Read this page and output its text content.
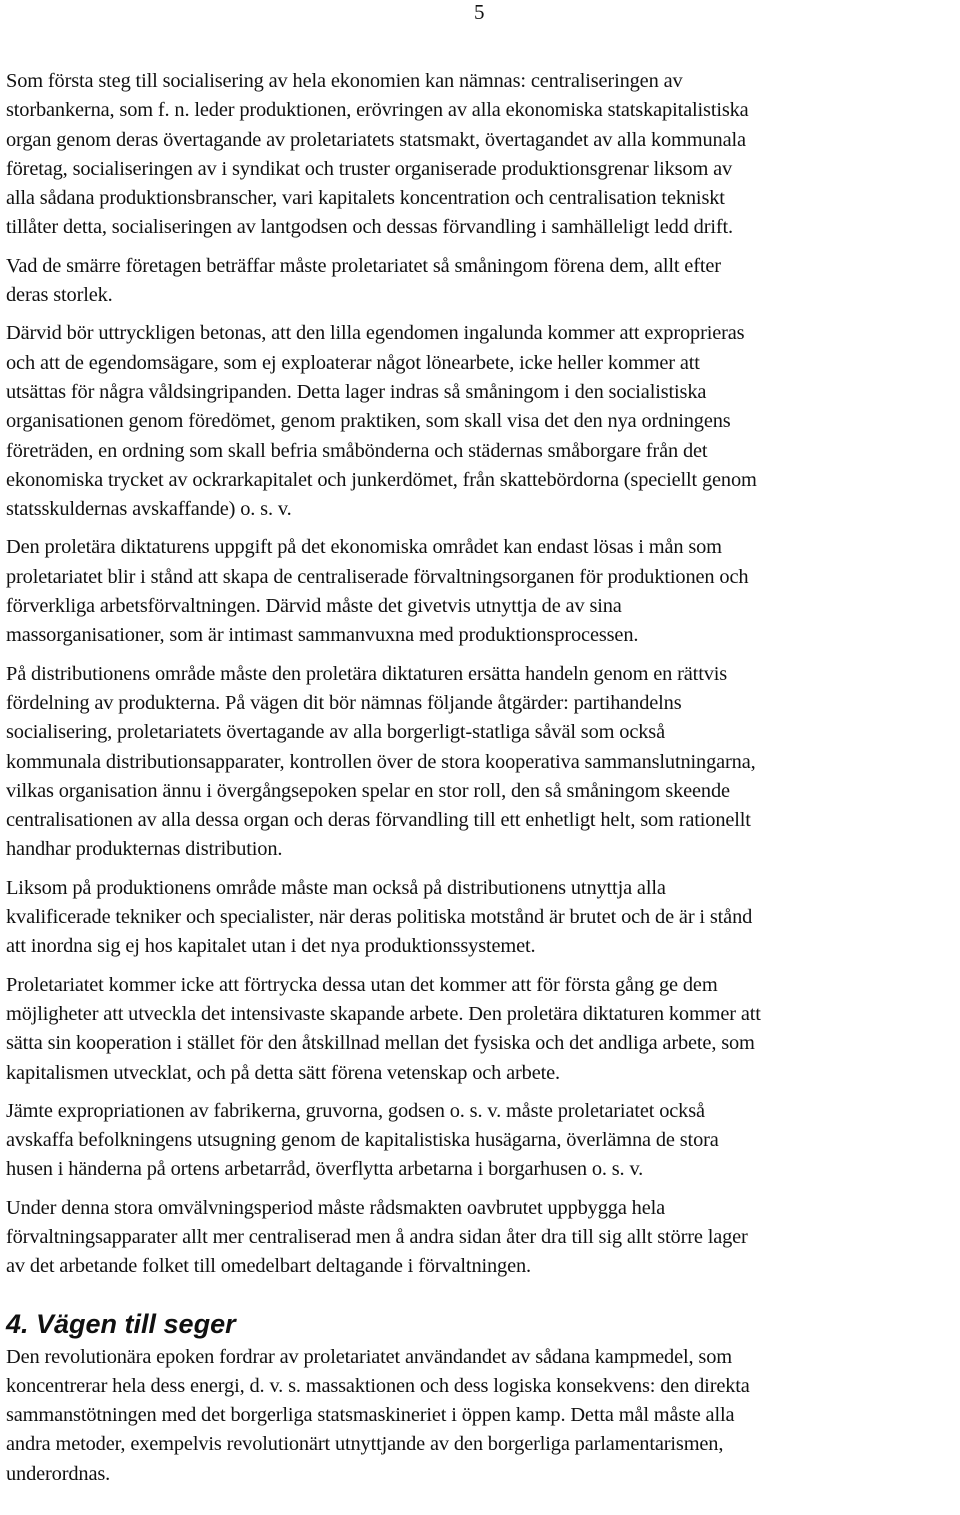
5

Som första steg till socialisering av hela ekonomien kan nämnas: centraliseringen av
storbankerna, som f. n. leder produktionen, erövringen av alla ekonomiska statskapitalistiska
organ genom deras övertagande av proletariatets statsmakt, övertagandet av alla kommunala
företag, socialiseringen av i syndikat och truster organiserade produktionsgrenar liksom av
alla sådana produktionsbranscher, vari kapitalets koncentration och centralisation tekniskt
tillåter detta, socialiseringen av lantgodsen och dessas förvandling i samhälleligt ledd drift.

Vad de smärre företagen beträffar måste proletariatet så småningom förena dem, allt efter
deras storlek.

Därvid bör uttryckligen betonas, att den lilla egendomen ingalunda kommer att exproprieras
och att de egendomsägare, som ej exploaterar något lönearbete, icke heller kommer att
utsättas för några våldsingripanden. Detta lager indras så småningom i den socialistiska
organisationen genom föredömet, genom praktiken, som skall visa det den nya ordningens
företräden, en ordning som skall befria småbönderna och städernas småborgare från det
ekonomiska trycket av ockrarkapitalet och junkerdömet, från skattebördorna (speciellt genom
statsskuldernas avskaffande) o. s. v.

Den proletära diktaturens uppgift på det ekonomiska området kan endast lösas i mån som
proletariatet blir i stånd att skapa de centraliserade förvaltningsorganen för produktionen och
förverkliga arbetsförvaltningen. Därvid måste det givetvis utnyttja de av sina
massorganisationer, som är intimast sammanvuxna med produktionsprocessen.

På distributionens område måste den proletära diktaturen ersätta handeln genom en rättvis
fördelning av produkterna. På vägen dit bör nämnas följande åtgärder: partihandelns
socialisering, proletariatets övertagande av alla borgerligt-statliga såväl som också
kommunala distributionsapparater, kontrollen över de stora kooperativa sammanslutningarna,
vilkas organisation ännu i övergångsepoken spelar en stor roll, den så småningom skeende
centralisationen av alla dessa organ och deras förvandling till ett enhetligt helt, som rationellt
handhar produkternas distribution.

Liksom på produktionens område måste man också på distributionens utnyttja alla
kvalificerade tekniker och specialister, när deras politiska motstånd är brutet och de är i stånd
att inordna sig ej hos kapitalet utan i det nya produktionssystemet.

Proletariatet kommer icke att förtrycka dessa utan det kommer att för första gång ge dem
möjligheter att utveckla det intensivaste skapande arbete. Den proletära diktaturen kommer att
sätta sin kooperation i stället för den åtskillnad mellan det fysiska och det andliga arbete, som
kapitalismen utvecklat, och på detta sätt förena vetenskap och arbete.

Jämte expropriationen av fabrikerna, gruvorna, godsen o. s. v. måste proletariatet också
avskaffa befolkningens utsugning genom de kapitalistiska husägarna, överlämna de stora
husen i händerna på ortens arbetarråd, överflytta arbetarna i borgarhusen o. s. v.

Under denna stora omvälvningsperiod måste rådsmakten oavbrutet uppbygga hela
förvaltningsapparater allt mer centraliserad men å andra sidan åter dra till sig allt större lager
av det arbetande folket till omedelbart deltagande i förvaltningen.

4. Vägen till seger

Den revolutionära epoken fordrar av proletariatet användandet av sådana kampmedel, som
koncentrerar hela dess energi, d. v. s. massaktionen och dess logiska konsekvens: den direkta
sammanstötningen med det borgerliga statsmaskineriet i öppen kamp. Detta mål måste alla
andra metoder, exempelvis revolutionärt utnyttjande av den borgerliga parlamentarismen,
underordnas.
